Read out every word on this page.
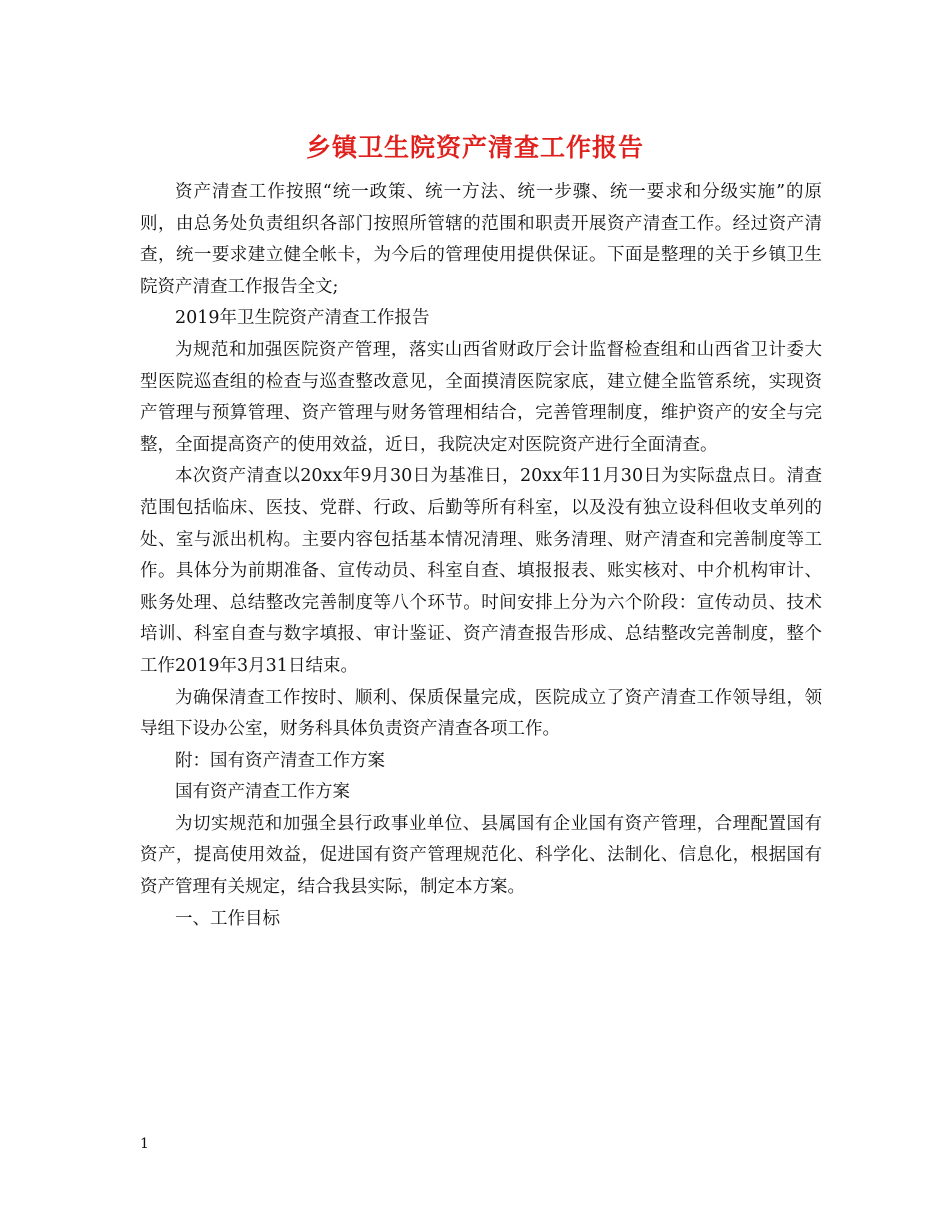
乡镇卫生院资产清查工作报告

资产清查工作按照“统一政策、统一方法、统一步骤、统一要求和分级实施”的原则，由总务处负责组织各部门按照所管辖的范围和职责开展资产清查工作。经过资产清查，统一要求建立健全帐卡，为今后的管理使用提供保证。下面是整理的关于乡镇卫生院资产清查工作报告全文;

2019年卫生院资产清查工作报告

为规范和加强医院资产管理，落实山西省财政厅会计监督检查组和山西省卫计委大型医院巡查组的检查与巡查整改意见，全面摸清医院家底，建立健全监管系统，实现资产管理与预算管理、资产管理与财务管理相结合，完善管理制度，维护资产的安全与完整，全面提高资产的使用效益，近日，我院决定对医院资产进行全面清查。

本次资产清查以20xx年9月30日为基准日，20xx年11月30日为实际盘点日。清查范围包括临床、医技、党群、行政、后勤等所有科室，以及没有独立设科但收支单列的处、室与派出机构。主要内容包括基本情况清理、账务清理、财产清查和完善制度等工作。具体分为前期准备、宣传动员、科室自查、填报报表、账实核对、中介机构审计、账务处理、总结整改完善制度等八个环节。时间安排上分为六个阶段：宣传动员、技术培训、科室自查与数字填报、审计鉴证、资产清查报告形成、总结整改完善制度，整个工作2019年3月31日结束。

为确保清查工作按时、顺利、保质保量完成，医院成立了资产清查工作领导组，领导组下设办公室，财务科具体负责资产清查各项工作。

附：国有资产清查工作方案

国有资产清查工作方案

为切实规范和加强全县行政事业单位、县属国有企业国有资产管理，合理配置国有资产，提高使用效益，促进国有资产管理规范化、科学化、法制化、信息化，根据国有资产管理有关规定，结合我县实际，制定本方案。

一、工作目标

1
